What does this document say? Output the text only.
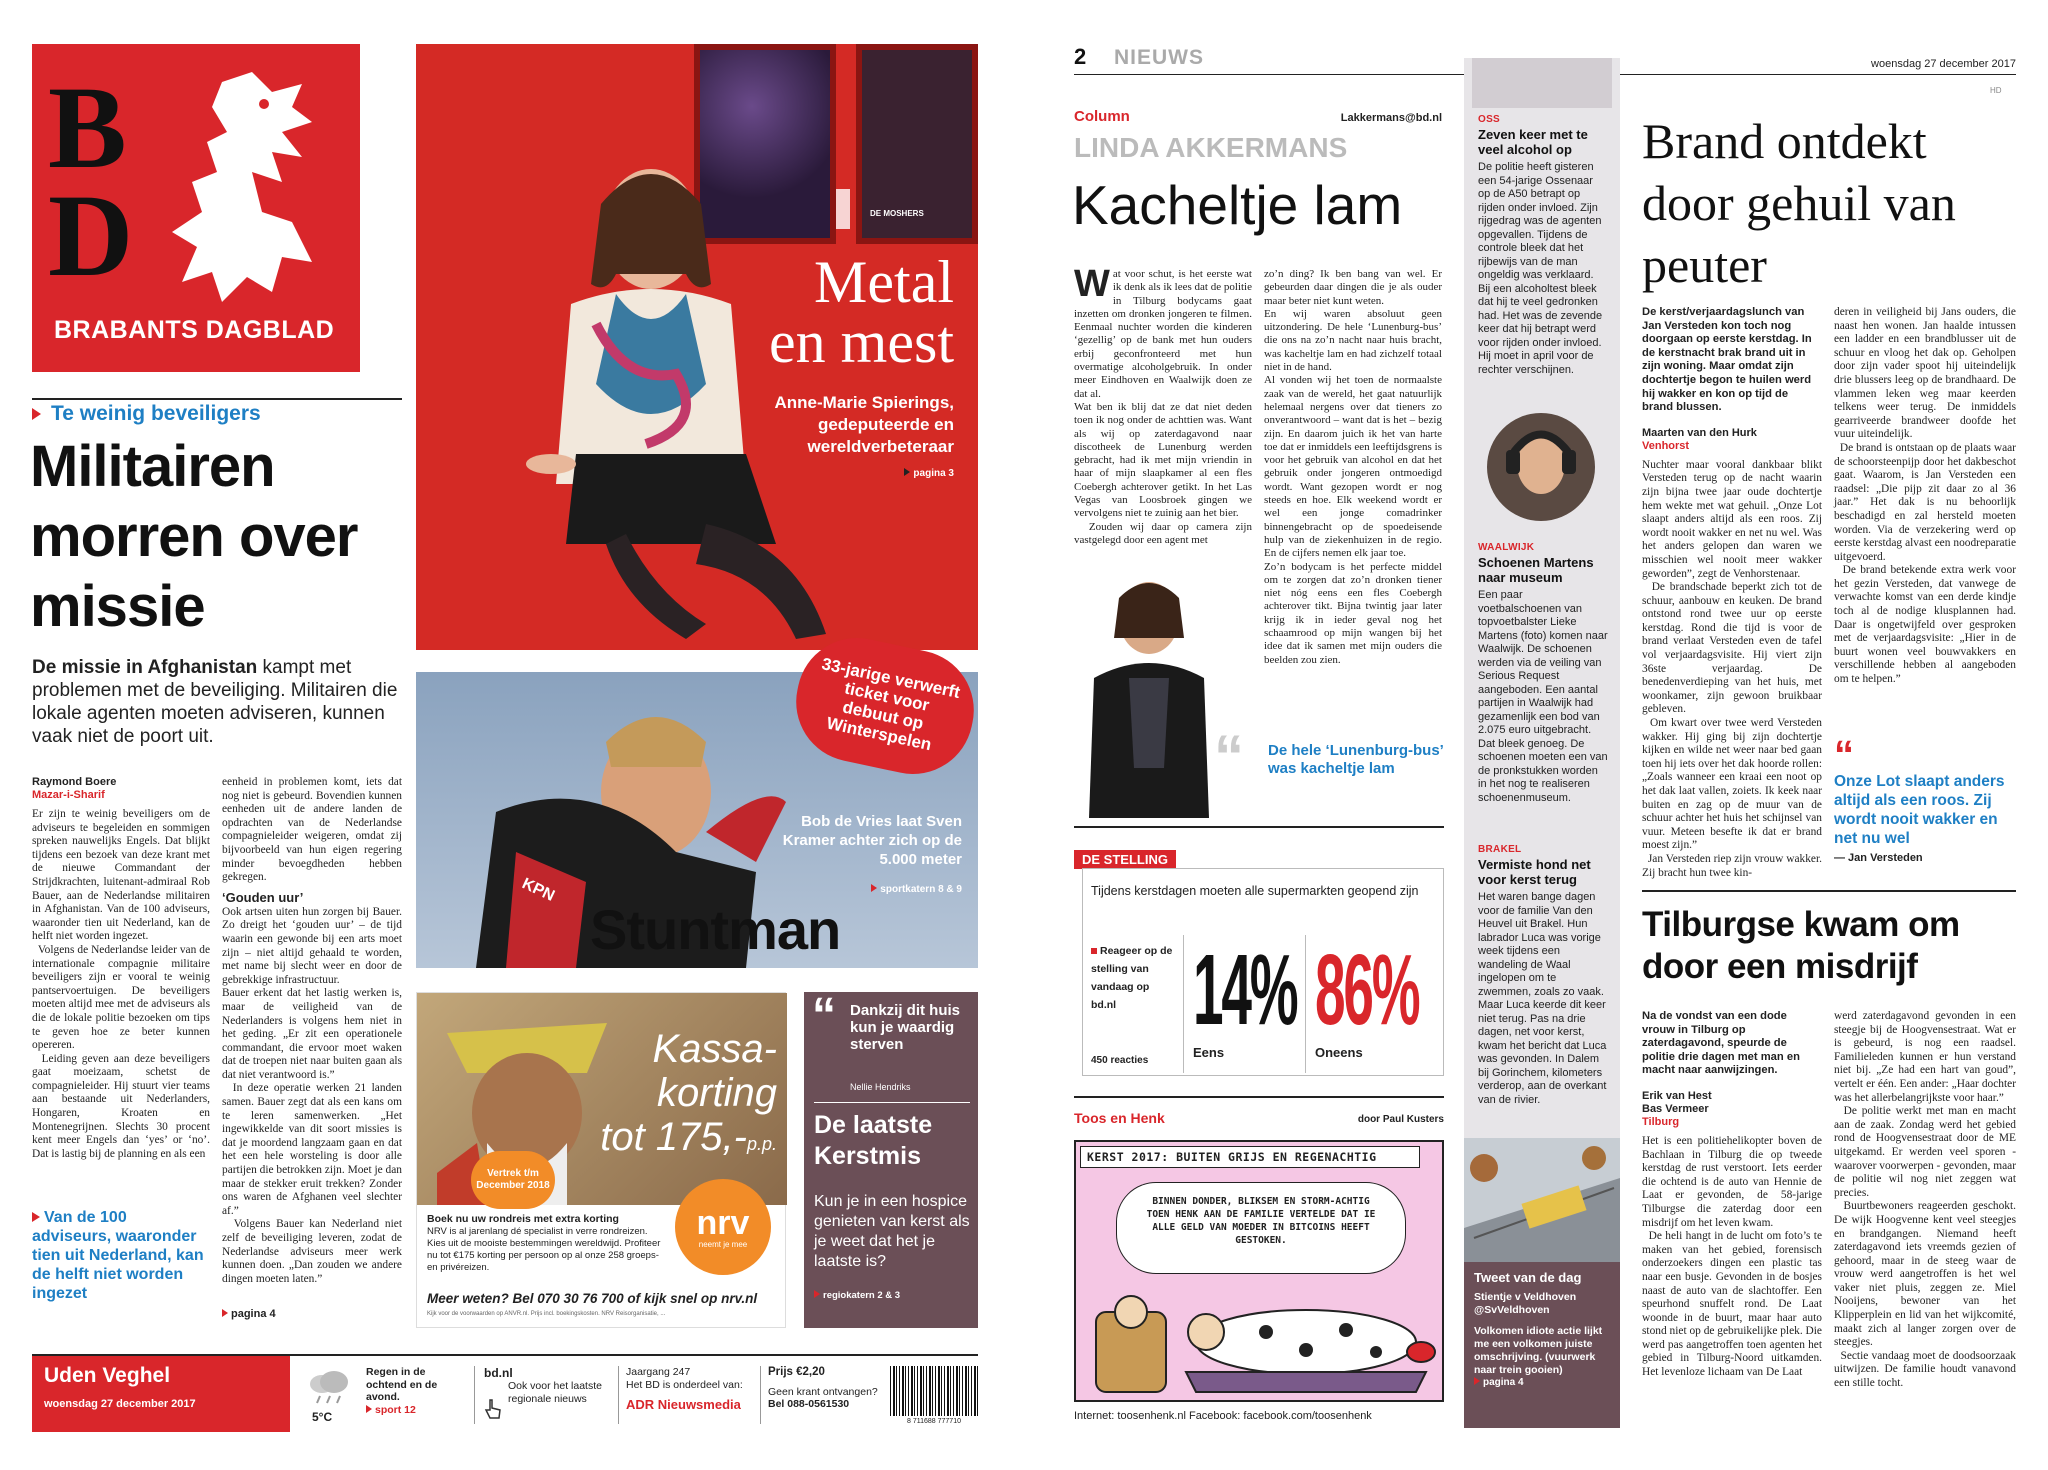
B
D
BRABANTS DAGBLAD
Te weinig beveiligers
Militairen morren over missie
De missie in Afghanistan kampt met problemen met de beveiliging. Militairen die lokale agenten moeten adviseren, kunnen vaak niet de poort uit.
Raymond Boere
Mazar-i-Sharif
Er zijn te weinig beveiligers om de adviseurs te begeleiden en sommigen spreken nauwelijks Engels. Dat blijkt tijdens een bezoek van deze krant met de nieuwe Commandant der Strijdkrachten, luitenant-admiraal Rob Bauer, aan de Nederlandse militairen in Afghanistan. Van de 100 adviseurs, waaronder tien uit Nederland, kan de helft niet worden ingezet.
Volgens de Nederlandse leider van de internationale compagnie militaire beveiligers zijn er vooral te weinig pantservoertuigen. De beveiligers moeten altijd mee met de adviseurs als die de lokale politie bezoeken om tips te geven hoe ze beter kunnen opereren.
Leiding geven aan deze beveiligers gaat moeizaam, schetst de compagnieleider. Hij stuurt vier teams aan bestaande uit Nederlanders, Hongaren, Kroaten en Montenegrijnen. Slechts 30 procent kent meer Engels dan ‘yes’ or ‘no’. Dat is lastig bij de planning en als een
Van de 100 adviseurs, waaronder tien uit Nederland, kan de helft niet worden ingezet
eenheid in problemen komt, iets dat nog niet is gebeurd. Bovendien kunnen eenheden uit de andere landen de opdrachten van de Nederlandse compagnieleider weigeren, omdat zij bijvoorbeeld van hun eigen regering minder bevoegdheden hebben gekregen.
‘Gouden uur’
Ook artsen uiten hun zorgen bij Bauer. Zo dreigt het ‘gouden uur’ – de tijd waarin een gewonde bij een arts moet zijn – niet altijd gehaald te worden, met name bij slecht weer en door de gebrekkige infrastructuur.
Bauer erkent dat het lastig werken is, maar de veiligheid van de Nederlanders is volgens hem niet in het geding. „Er zit een operationele commandant, die ervoor moet waken dat de troepen niet naar buiten gaan als dat niet verantwoord is.”
In deze operatie werken 21 landen samen. Bauer zegt dat als een kans om te leren samenwerken. „Het ingewikkelde van dit soort missies is dat je moordend langzaam gaan en dat het een hele worsteling is door alle partijen die betrokken zijn. Moet je dan maar de stekker eruit trekken? Zonder ons waren de Afghanen veel slechter af.”
Volgens Bauer kan Nederland niet zelf de beveiliging leveren, zodat de Nederlandse adviseurs meer werk kunnen doen. „Dan zouden we andere dingen moeten laten.”
pagina 4
DE MOSHERS
Metal
en mest
Anne-Marie Spierings, gedeputeerde en wereldverbeteraar
pagina 3
KPN
33-jarige verwerft ticket voor debuut op Winterspelen
Bob de Vries laat Sven Kramer achter zich op de 5.000 meter
sportkatern 8 & 9
Stuntman
Kassa-
korting
tot 175,-p.p.
Vertrek t/m December 2018
nrv
neemt je mee
Boek nu uw rondreis met extra korting
NRV is al jarenlang dé specialist in verre rondreizen. Kies uit de mooiste bestemmingen wereldwijd. Profiteer nu tot €175 korting per persoon op al onze 258 groeps- en privéreizen.
Meer weten? Bel 070 30 76 700 of kijk snel op nrv.nl
Kijk voor de voorwaarden op ANVR.nl. Prijs incl. boekingskosten. NRV Reisorganisatie, ...
“ Dankzij dit huis kun je waardig sterven
Nellie Hendriks
De laatste Kerstmis
Kun je in een hospice genieten van kerst als je weet dat het je laatste is?
regiokatern 2 & 3
Uden Veghel
woensdag 27 december 2017
5°C
Regen in de ochtend en de avond.
sport 12
bd.nl
Ook voor het laatste regionale nieuws
Jaargang 247
Het BD is onderdeel van:
ADR Nieuwsmedia
Prijs €2,20
Geen krant ontvangen?
Bel 088-0561530
8 711688 777710
2 NIEUWS	woensdag 27 december 2017
HD
Column	Lakkermans@bd.nl
LINDA AKKERMANS
Kacheltje lam
W at voor schut, is het eerste wat ik denk als ik lees dat de politie in Tilburg bodycams gaat inzetten om dronken jongeren te filmen. Eenmaal nuchter worden die kinderen ‘gezellig’ op de bank met hun ouders erbij geconfronteerd met hun overmatige alcoholgebruik. In onder meer Eindhoven en Waalwijk doen ze dat al.
Wat ben ik blij dat ze dat niet deden toen ik nog onder de achttien was. Want als wij op zaterdagavond naar discotheek de Lunenburg werden gebracht, had ik met mijn vriendin in haar of mijn slaapkamer al een fles Coebergh achterover getikt. In het Las Vegas van Loosbroek gingen we vervolgens niet te zuinig aan het bier.
Zouden wij daar op camera zijn vastgelegd door een agent met
zo’n ding? Ik ben bang van wel. Er gebeurden daar dingen die je als ouder maar beter niet kunt weten.
En wij waren absoluut geen uitzondering. De hele ‘Lunenburg-bus’ die ons na zo’n nacht naar huis bracht, was kacheltje lam en had zichzelf totaal niet in de hand.
Al vonden wij het toen de normaalste zaak van de wereld, het gaat natuurlijk helemaal nergens over dat tieners zo onverantwoord – want dat is het – bezig zijn. En daarom juich ik het van harte toe dat er inmiddels een leeftijdsgrens is voor het gebruik van alcohol en dat het gebruik onder jongeren ontmoedigd wordt. Want gezopen wordt er nog steeds en hoe. Elk weekend wordt er wel een jonge comadrinker binnengebracht op de spoedeisende hulp van de ziekenhuizen in de regio. En de cijfers nemen elk jaar toe.
Zo’n bodycam is het perfecte middel om te zorgen dat zo’n dronken tiener niet nóg eens een fles Coebergh achterover tikt. Bijna twintig jaar later krijg ik in ieder geval nog het schaamrood op mijn wangen bij het idee dat ik samen met mijn ouders die beelden zou zien.
“ De hele ‘Lunenburg-bus’ was kacheltje lam
DE STELLING
Tijdens kerstdagen moeten alle supermarkten geopend zijn
Reageer op de stelling van vandaag op bd.nl
450 reacties
14%
Eens
86%
Oneens
Toos en Henk	door Paul Kusters
KERST 2017: BUITEN GRIJS EN REGENACHTIG
BINNEN DONDER, BLIKSEM EN STORM-ACHTIG TOEN HENK AAN DE FAMILIE VERTELDE DAT IE ALLE GELD VAN MOEDER IN BITCOINS HEEFT GESTOKEN.
Internet: toosenhenk.nl Facebook: facebook.com/toosenhenk
OSS
Zeven keer met te veel alcohol op
De politie heeft gisteren een 54-jarige Ossenaar op de A50 betrapt op rijden onder invloed. Zijn rijgedrag was de agenten opgevallen. Tijdens de controle bleek dat het rijbewijs van de man ongeldig was verklaard. Bij een alcoholtest bleek dat hij te veel gedronken had. Het was de zevende keer dat hij betrapt werd voor rijden onder invloed. Hij moet in april voor de rechter verschijnen.
WAALWIJK
Schoenen Martens naar museum
Een paar voetbalschoenen van topvoetbalster Lieke Martens (foto) komen naar Waalwijk. De schoenen werden via de veiling van Serious Request aangeboden. Een aantal partijen in Waalwijk had gezamenlijk een bod van 2.075 euro uitgebracht. Dat bleek genoeg. De schoenen moeten een van de pronkstukken worden in het nog te realiseren schoenenmuseum.
BRAKEL
Vermiste hond net voor kerst terug
Het waren bange dagen voor de familie Van den Heuvel uit Brakel. Hun labrador Luca was vorige week tijdens een wandeling de Waal ingelopen om te zwemmen, zoals zo vaak. Maar Luca keerde dit keer niet terug. Pas na drie dagen, net voor kerst, kwam het bericht dat Luca was gevonden. In Dalem bij Gorinchem, kilometers verderop, aan de overkant van de rivier.
Tweet van de dag
Stientje v Veldhoven @SvVeldhoven
Volkomen idiote actie lijkt me een volkomen juiste omschrijving. (vuurwerk naar trein gooien)
pagina 4
Brand ontdekt door gehuil van peuter
De kerst/verjaardagslunch van Jan Versteden kon toch nog doorgaan op eerste kerstdag. In de kerstnacht brak brand uit in zijn woning. Maar omdat zijn dochtertje begon te huilen werd hij wakker en kon op tijd de brand blussen.
Maarten van den Hurk
Venhorst
Nuchter maar vooral dankbaar blikt Versteden terug op de nacht waarin zijn bijna twee jaar oude dochtertje hem wekte met wat gehuil. „Onze Lot slaapt anders altijd als een roos. Zij wordt nooit wakker en net nu wel. Was het anders gelopen dan waren we misschien wel nooit meer wakker geworden”, zegt de Venhorstenaar.
De brandschade beperkt zich tot de schuur, aanbouw en keuken. De brand ontstond rond twee uur op eerste kerstdag. Rond die tijd is voor de brand verlaat Versteden even de tafel vol verjaardagsvisite. Hij viert zijn 36ste verjaardag. De benedenverdieping van het huis, met woonkamer, zijn gewoon bruikbaar gebleven.
Om kwart over twee werd Versteden wakker. Hij ging bij zijn dochtertje kijken en wilde net weer naar bed gaan toen hij iets over het dak hoorde rollen: „Zoals wanneer een kraai een noot op het dak laat vallen, zoiets. Ik keek naar buiten en zag op de muur van de schuur achter het huis het schijnsel van vuur. Meteen besefte ik dat er brand moest zijn.”
Jan Versteden riep zijn vrouw wakker. Zij bracht hun twee kin-
deren in veiligheid bij Jans ouders, die naast hen wonen. Jan haalde intussen een ladder en een brandblusser uit de schuur en vloog het dak op. Geholpen door zijn vader spoot hij uiteindelijk drie blussers leeg op de brandhaard. De vlammen leken weg maar keerden telkens weer terug. De inmiddels gearriveerde brandweer doofde het vuur uiteindelijk.
De brand is ontstaan op de plaats waar de schoorsteenpijp door het dakbeschot gaat. Waarom, is Jan Versteden een raadsel: „Die pijp zit daar zo al 36 jaar.” Het dak is nu behoorlijk beschadigd en zal hersteld moeten worden. Via de verzekering werd op eerste kerstdag alvast een noodreparatie uitgevoerd.
De brand betekende extra werk voor het gezin Versteden, dat vanwege de verwachte komst van een derde kindje toch al de nodige klusplannen had. Daar is ongetwijfeld over gesproken met de verjaardagsvisite: „Hier in de buurt wonen veel bouwvakkers en verschillende hebben al aangeboden om te helpen.”
“
Onze Lot slaapt anders altijd als een roos. Zij wordt nooit wakker en net nu wel
— Jan Versteden
Tilburgse kwam om door een misdrijf
Na de vondst van een dode vrouw in Tilburg op zaterdagavond, speurde de politie drie dagen met man en macht naar aanwijzingen.
Erik van Hest
Bas Vermeer
Tilburg
Het is een politiehelikopter boven de Bachlaan in Tilburg die op tweede kerstdag de rust verstoort. Iets eerder die ochtend is de auto van Hennie de Laat er gevonden, de 58-jarige Tilburgse die zaterdag door een misdrijf om het leven kwam.
De heli hangt in de lucht om foto’s te maken van het gebied, forensisch onderzoekers dingen een plastic tas naar een busje. Gevonden in de bosjes naast de auto van de slachtoffer. Een speurhond snuffelt rond. De Laat woonde in de buurt, maar haar auto stond niet op de gebruikelijke plek. Die werd pas aangetroffen toen agenten het gebied in Tilburg-Noord uitkamden. Het levenloze lichaam van De Laat
werd zaterdagavond gevonden in een steegje bij de Hoogvensestraat. Wat er is gebeurd, is nog een raadsel. Familieleden kunnen er hun verstand niet bij. „Ze had een hart van goud”, vertelt er één. Een ander: „Haar dochter was het allerbelangrijkste voor haar.”
De politie werkt met man en macht aan de zaak. Zondag werd het gebied rond de Hoogvensestraat door de ME uitgekamd. Er werden veel sporen - waarover voorwerpen - gevonden, maar de politie wil nog niet zeggen wat precies.
Buurtbewoners reageerden geschokt. De wijk Hoogvenne kent veel steegjes en brandgangen. Niemand heeft zaterdagavond iets vreemds gezien of gehoord, maar in de steeg waar de vrouw werd aangetroffen is het wel vaker niet pluis, zeggen ze. Miel Nooijens, bewoner van het Klipperplein en lid van het wijkcomité, maakt zich al langer zorgen over de steegjes.
Sectie vandaag moet de doodsoorzaak uitwijzen. De familie houdt vanavond een stille tocht.
